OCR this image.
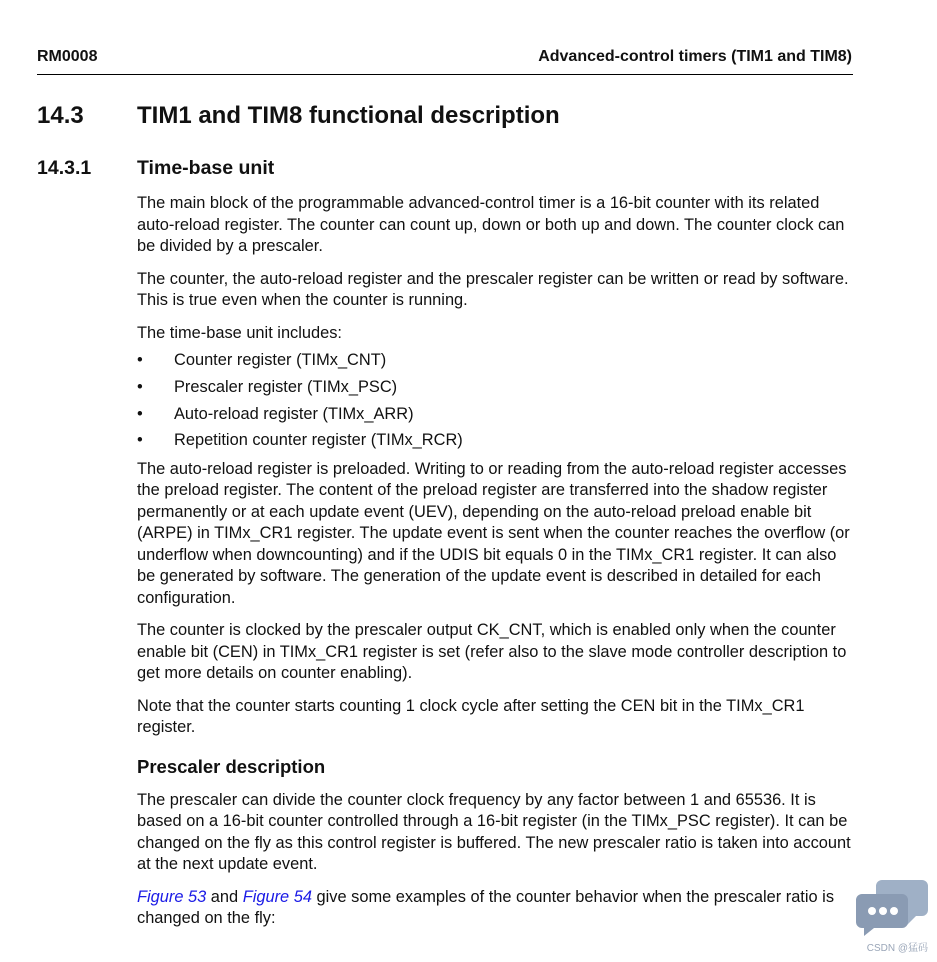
RM0008	Advanced-control timers (TIM1 and TIM8)
14.3 TIM1 and TIM8 functional description
14.3.1 Time-base unit

The main block of the programmable advanced-control timer is a 16-bit counter with its related auto-reload register. The counter can count up, down or both up and down. The counter clock can be divided by a prescaler.

The counter, the auto-reload register and the prescaler register can be written or read by software. This is true even when the counter is running.

The time-base unit includes:

• Counter register (TIMx_CNT)
• Prescaler register (TIMx_PSC)
• Auto-reload register (TIMx_ARR)
• Repetition counter register (TIMx_RCR)

The auto-reload register is preloaded. Writing to or reading from the auto-reload register accesses the preload register. The content of the preload register are transferred into the shadow register permanently or at each update event (UEV), depending on the auto-reload preload enable bit (ARPE) in TIMx_CR1 register. The update event is sent when the counter reaches the overflow (or underflow when downcounting) and if the UDIS bit equals 0 in the TIMx_CR1 register. It can also be generated by software. The generation of the update event is described in detailed for each configuration.

The counter is clocked by the prescaler output CK_CNT, which is enabled only when the counter enable bit (CEN) in TIMx_CR1 register is set (refer also to the slave mode controller description to get more details on counter enabling).

Note that the counter starts counting 1 clock cycle after setting the CEN bit in the TIMx_CR1 register.

Prescaler description

The prescaler can divide the counter clock frequency by any factor between 1 and 65536. It is based on a 16-bit counter controlled through a 16-bit register (in the TIMx_PSC register). It can be changed on the fly as this control register is buffered. The new prescaler ratio is taken into account at the next update event.

Figure 53 and Figure 54 give some examples of the counter behavior when the prescaler ratio is changed on the fly:

CSDN @猛码
